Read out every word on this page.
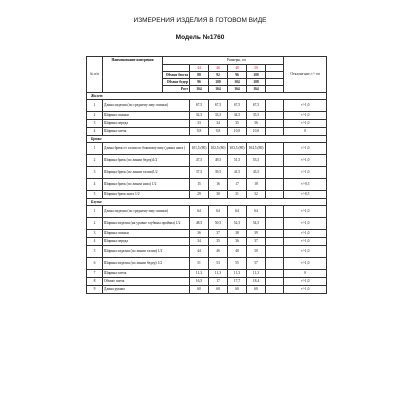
ИЗМЕРЕНИЯ ИЗДЕЛИЯ В ГОТОВОМ ВИДЕ
Модель №1760
№ п/п	Наименование измерения		Размеры, см					Отклоне ние,+/- см
			44	46	48	50		
		Обхват бюста	88	92	96	100		
		Обхват бедер	96	100	104	108		
		Рост	164	164	164	164		
Жилет								
1	Длина изделия (по среднему шву спинки)		67,5	67,5	67,5	67,5		+/-1,0
2	Ширина спинки		32,5	33,5	34,5	35,5		+/-1,0
3	Ширина переда		33	34	35	36		+/-1,0
4	Ширина плеча		9,8	9,8	10,0	10,0		0
Брюки								
1	Длина брюк от талии по боковому шву (длина шага )		101,5 (80)	102,5 (80)	103,5 (80)	104,5 (80)		+/-1,0
2	Ширина брюк (по линии бедер)1/2		47,5	49,5	51,5	53,5		+/-1,0
3	Ширина брюк (по линии талии)1/2		37,5	39,5	41,5	43,5		+/-1,0
4	Ширина брюк (по линии низа) 1/2		15	16	17	18		+/-0,5
5	Ширина брюк шага 1/2		29	30	31	32		+/-0,5
Блузка								
1	Длина изделия (по среднему шву спинки)		64	64	64	64		+/-1,0
2	Ширина изделия (на уровне глубины проймы) 1/2		48,5	50,5	52,5	54,5		+/-1,0
3	Ширина спинки		36	37	38	39		+/-1,0
4	Ширина переда		34	35	36	37		+/-1,0
5	Ширина изделия (по линии талии) 1/2		44	46	48	50		+/-1,0
6	Ширина изделия (по линии бедер) 1/2		51	53	55	57		+/-1,0
7	Ширина плеча		11,3	11,3	11,3	11,3		0
8	Обхват плеча		16,5	17	17,7	18,4		+/-1,0
9	Длина рукава		60	60	60	60		+/-1,0
